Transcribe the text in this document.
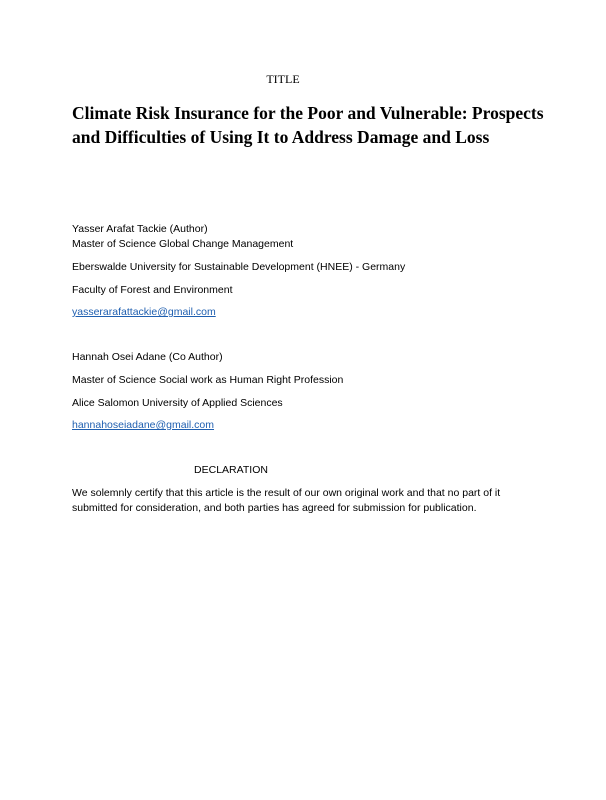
TITLE
Climate Risk Insurance for the Poor and Vulnerable: Prospects and Difficulties of Using It to Address Damage and Loss
Yasser Arafat Tackie (Author)
Master of Science Global Change Management
Eberswalde University for Sustainable Development (HNEE) - Germany
Faculty of Forest and Environment
yasserarafattackie@gmail.com
Hannah Osei Adane (Co Author)
Master of Science Social work as Human Right Profession
Alice Salomon University of Applied Sciences
hannahoseiadane@gmail.com
DECLARATION
We solemnly certify that this article is the result of our own original work and that no part of it submitted for consideration, and both parties has agreed for submission for publication.
